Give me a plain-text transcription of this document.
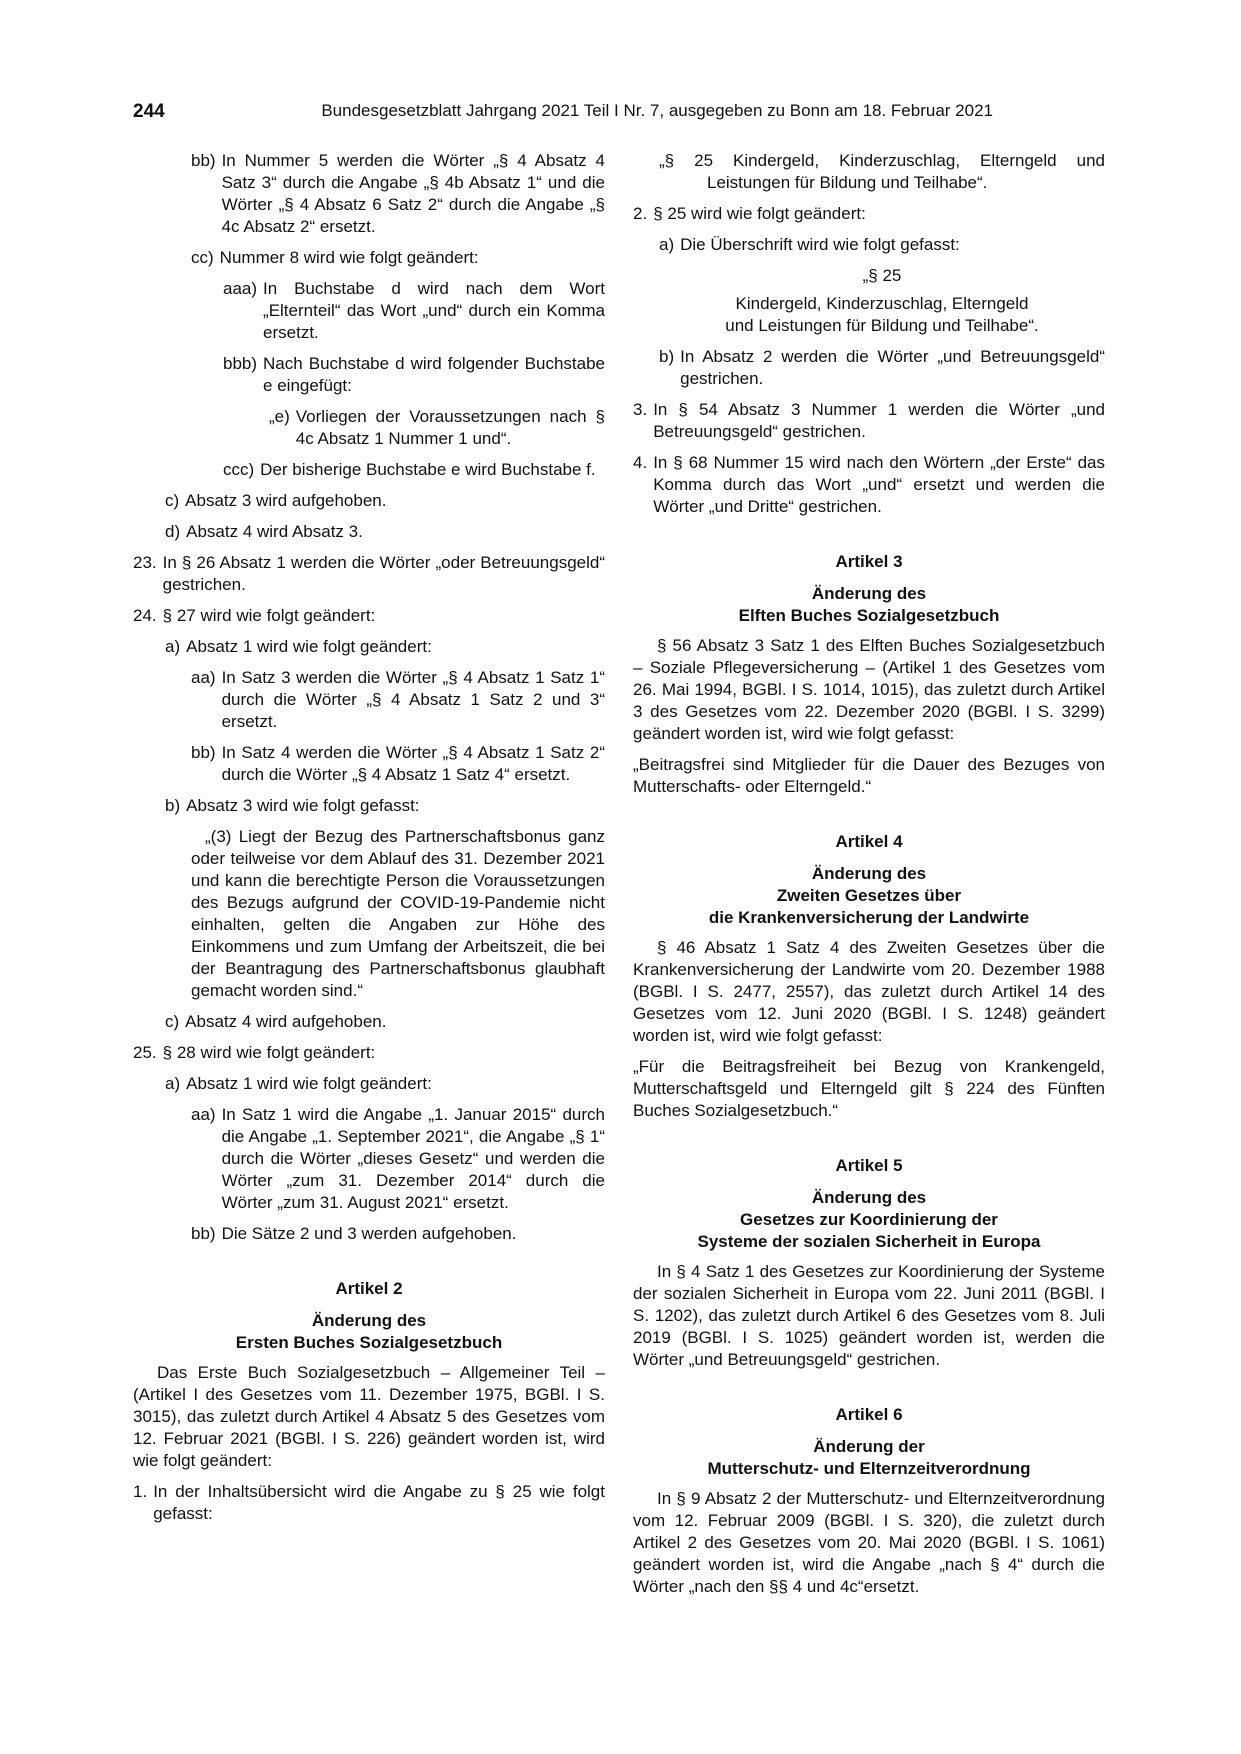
244	Bundesgesetzblatt Jahrgang 2021 Teil I Nr. 7, ausgegeben zu Bonn am 18. Februar 2021
bb) In Nummer 5 werden die Wörter „§ 4 Absatz 4 Satz 3“ durch die Angabe „§ 4b Absatz 1“ und die Wörter „§ 4 Absatz 6 Satz 2“ durch die Angabe „§ 4c Absatz 2“ ersetzt.
cc) Nummer 8 wird wie folgt geändert:
aaa) In Buchstabe d wird nach dem Wort „Elternteil“ das Wort „und“ durch ein Komma ersetzt.
bbb) Nach Buchstabe d wird folgender Buchstabe e eingefügt:
„e) Vorliegen der Voraussetzungen nach § 4c Absatz 1 Nummer 1 und“.
ccc) Der bisherige Buchstabe e wird Buchstabe f.
c) Absatz 3 wird aufgehoben.
d) Absatz 4 wird Absatz 3.
23. In § 26 Absatz 1 werden die Wörter „oder Betreuungsgeld“ gestrichen.
24. § 27 wird wie folgt geändert:
a) Absatz 1 wird wie folgt geändert:
aa) In Satz 3 werden die Wörter „§ 4 Absatz 1 Satz 1“ durch die Wörter „§ 4 Absatz 1 Satz 2 und 3“ ersetzt.
bb) In Satz 4 werden die Wörter „§ 4 Absatz 1 Satz 2“ durch die Wörter „§ 4 Absatz 1 Satz 4“ ersetzt.
b) Absatz 3 wird wie folgt gefasst:
„(3) Liegt der Bezug des Partnerschaftsbonus ganz oder teilweise vor dem Ablauf des 31. Dezember 2021 und kann die berechtigte Person die Voraussetzungen des Bezugs aufgrund der COVID-19-Pandemie nicht einhalten, gelten die Angaben zur Höhe des Einkommens und zum Umfang der Arbeitszeit, die bei der Beantragung des Partnerschaftsbonus glaubhaft gemacht worden sind.“
c) Absatz 4 wird aufgehoben.
25. § 28 wird wie folgt geändert:
a) Absatz 1 wird wie folgt geändert:
aa) In Satz 1 wird die Angabe „1. Januar 2015“ durch die Angabe „1. September 2021“, die Angabe „§ 1“ durch die Wörter „dieses Gesetz“ und werden die Wörter „zum 31. Dezember 2014“ durch die Wörter „zum 31. August 2021“ ersetzt.
bb) Die Sätze 2 und 3 werden aufgehoben.
Artikel 2
Änderung des
Ersten Buches Sozialgesetzbuch
Das Erste Buch Sozialgesetzbuch – Allgemeiner Teil – (Artikel I des Gesetzes vom 11. Dezember 1975, BGBl. I S. 3015), das zuletzt durch Artikel 4 Absatz 5 des Gesetzes vom 12. Februar 2021 (BGBl. I S. 226) geändert worden ist, wird wie folgt geändert:
1. In der Inhaltsübersicht wird die Angabe zu § 25 wie folgt gefasst:
„§ 25 Kindergeld, Kinderzuschlag, Elterngeld und Leistungen für Bildung und Teilhabe“.
2. § 25 wird wie folgt geändert:
a) Die Überschrift wird wie folgt gefasst:
„§ 25
Kindergeld, Kinderzuschlag, Elterngeld
und Leistungen für Bildung und Teilhabe“.
b) In Absatz 2 werden die Wörter „und Betreuungsgeld“ gestrichen.
3. In § 54 Absatz 3 Nummer 1 werden die Wörter „und Betreuungsgeld“ gestrichen.
4. In § 68 Nummer 15 wird nach den Wörtern „der Erste“ das Komma durch das Wort „und“ ersetzt und werden die Wörter „und Dritte“ gestrichen.
Artikel 3
Änderung des
Elften Buches Sozialgesetzbuch
§ 56 Absatz 3 Satz 1 des Elften Buches Sozialgesetzbuch – Soziale Pflegeversicherung – (Artikel 1 des Gesetzes vom 26. Mai 1994, BGBl. I S. 1014, 1015), das zuletzt durch Artikel 3 des Gesetzes vom 22. Dezember 2020 (BGBl. I S. 3299) geändert worden ist, wird wie folgt gefasst:
„Beitragsfrei sind Mitglieder für die Dauer des Bezuges von Mutterschafts- oder Elterngeld.“
Artikel 4
Änderung des
Zweiten Gesetzes über
die Krankenversicherung der Landwirte
§ 46 Absatz 1 Satz 4 des Zweiten Gesetzes über die Krankenversicherung der Landwirte vom 20. Dezember 1988 (BGBl. I S. 2477, 2557), das zuletzt durch Artikel 14 des Gesetzes vom 12. Juni 2020 (BGBl. I S. 1248) geändert worden ist, wird wie folgt gefasst:
„Für die Beitragsfreiheit bei Bezug von Krankengeld, Mutterschaftsgeld und Elterngeld gilt § 224 des Fünften Buches Sozialgesetzbuch.“
Artikel 5
Änderung des
Gesetzes zur Koordinierung der
Systeme der sozialen Sicherheit in Europa
In § 4 Satz 1 des Gesetzes zur Koordinierung der Systeme der sozialen Sicherheit in Europa vom 22. Juni 2011 (BGBl. I S. 1202), das zuletzt durch Artikel 6 des Gesetzes vom 8. Juli 2019 (BGBl. I S. 1025) geändert worden ist, werden die Wörter „und Betreuungsgeld“ gestrichen.
Artikel 6
Änderung der
Mutterschutz- und Elternzeitverordnung
In § 9 Absatz 2 der Mutterschutz- und Elternzeitverordnung vom 12. Februar 2009 (BGBl. I S. 320), die zuletzt durch Artikel 2 des Gesetzes vom 20. Mai 2020 (BGBl. I S. 1061) geändert worden ist, wird die Angabe „nach § 4“ durch die Wörter „nach den §§ 4 und 4c“ersetzt.
